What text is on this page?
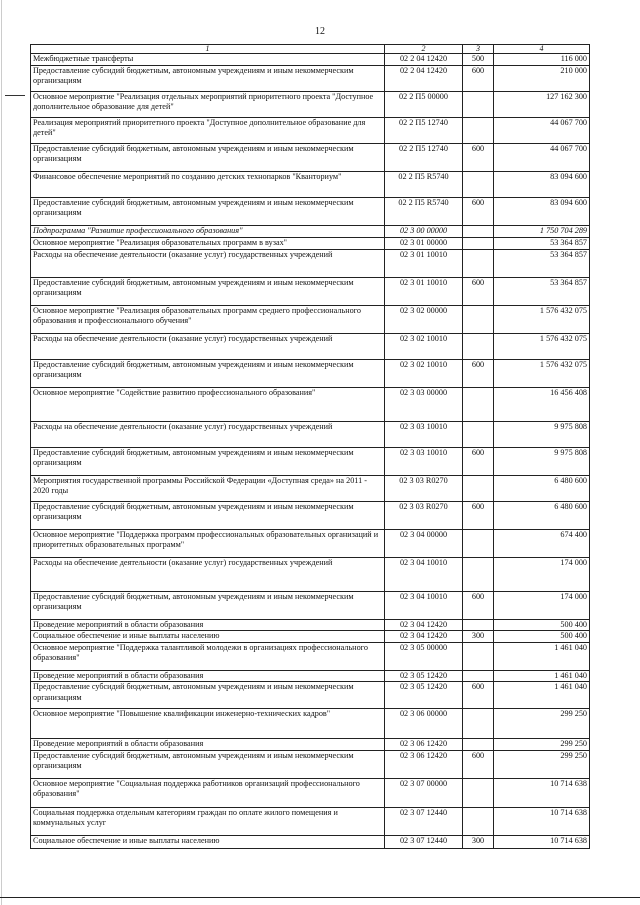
12
1	2	3	4
Межбюджетные трансферты	02 2 04 12420	500	116 000
Предоставление субсидий бюджетным, автономным учреждениям и иным некоммерческим организациям	02 2 04 12420	600	210 000
Основное мероприятие "Реализация отдельных мероприятий приоритетного проекта "Доступное дополнительное образование для детей"	02 2 П5 00000		127 162 300
Реализация мероприятий приоритетного проекта "Доступное дополнительное образование для детей"	02 2 П5 12740		44 067 700
Предоставление субсидий бюджетным, автономным учреждениям и иным некоммерческим организациям	02 2 П5 12740	600	44 067 700
Финансовое обеспечение мероприятий по созданию детских технопарков "Кванториум"	02 2 П5 R5740		83 094 600
Предоставление субсидий бюджетным, автономным учреждениям и иным некоммерческим организациям	02 2 П5 R5740	600	83 094 600
Подпрограмма "Развитие профессионального образования"	02 3 00 00000		1 750 704 289
Основное мероприятие "Реализация образовательных программ в вузах"	02 3 01 00000		53 364 857
Расходы на обеспечение деятельности (оказание услуг) государственных учреждений	02 3 01 10010		53 364 857
Предоставление субсидий бюджетным, автономным учреждениям и иным некоммерческим организациям	02 3 01 10010	600	53 364 857
Основное мероприятие "Реализация образовательных программ среднего профессионального образования и профессионального обучения"	02 3 02 00000		1 576 432 075
Расходы на обеспечение деятельности (оказание услуг) государственных учреждений	02 3 02 10010		1 576 432 075
Предоставление субсидий бюджетным, автономным учреждениям и иным некоммерческим организациям	02 3 02 10010	600	1 576 432 075
Основное мероприятие "Содействие развитию профессионального образования"	02 3 03 00000		16 456 408
Расходы на обеспечение деятельности (оказание услуг) государственных учреждений	02 3 03 10010		9 975 808
Предоставление субсидий бюджетным, автономным учреждениям и иным некоммерческим организациям	02 3 03 10010	600	9 975 808
Мероприятия государственной программы Российской Федерации «Доступная среда» на 2011 - 2020 годы	02 3 03 R0270		6 480 600
Предоставление субсидий бюджетным, автономным учреждениям и иным некоммерческим организациям	02 3 03 R0270	600	6 480 600
Основное мероприятие "Поддержка программ профессиональных образовательных организаций и приоритетных образовательных программ"	02 3 04 00000		674 400
Расходы на обеспечение деятельности (оказание услуг) государственных учреждений	02 3 04 10010		174 000
Предоставление субсидий бюджетным, автономным учреждениям и иным некоммерческим организациям	02 3 04 10010	600	174 000
Проведение мероприятий в области образования	02 3 04 12420		500 400
Социальное обеспечение и иные выплаты населению	02 3 04 12420	300	500 400
Основное мероприятие "Поддержка талантливой молодежи в организациях профессионального образования"	02 3 05 00000		1 461 040
Проведение мероприятий в области образования	02 3 05 12420		1 461 040
Предоставление субсидий бюджетным, автономным учреждениям и иным некоммерческим организациям	02 3 05 12420	600	1 461 040
Основное мероприятие "Повышение квалификации инженерно-технических кадров"	02 3 06 00000		299 250
Проведение мероприятий в области образования	02 3 06 12420		299 250
Предоставление субсидий бюджетным, автономным учреждениям и иным некоммерческим организациям	02 3 06 12420	600	299 250
Основное мероприятие "Социальная поддержка работников организаций профессионального образования"	02 3 07 00000		10 714 638
Социальная поддержка отдельным категориям граждан по оплате жилого помещения и коммунальных услуг	02 3 07 12440		10 714 638
Социальное обеспечение и иные выплаты населению	02 3 07 12440	300	10 714 638
